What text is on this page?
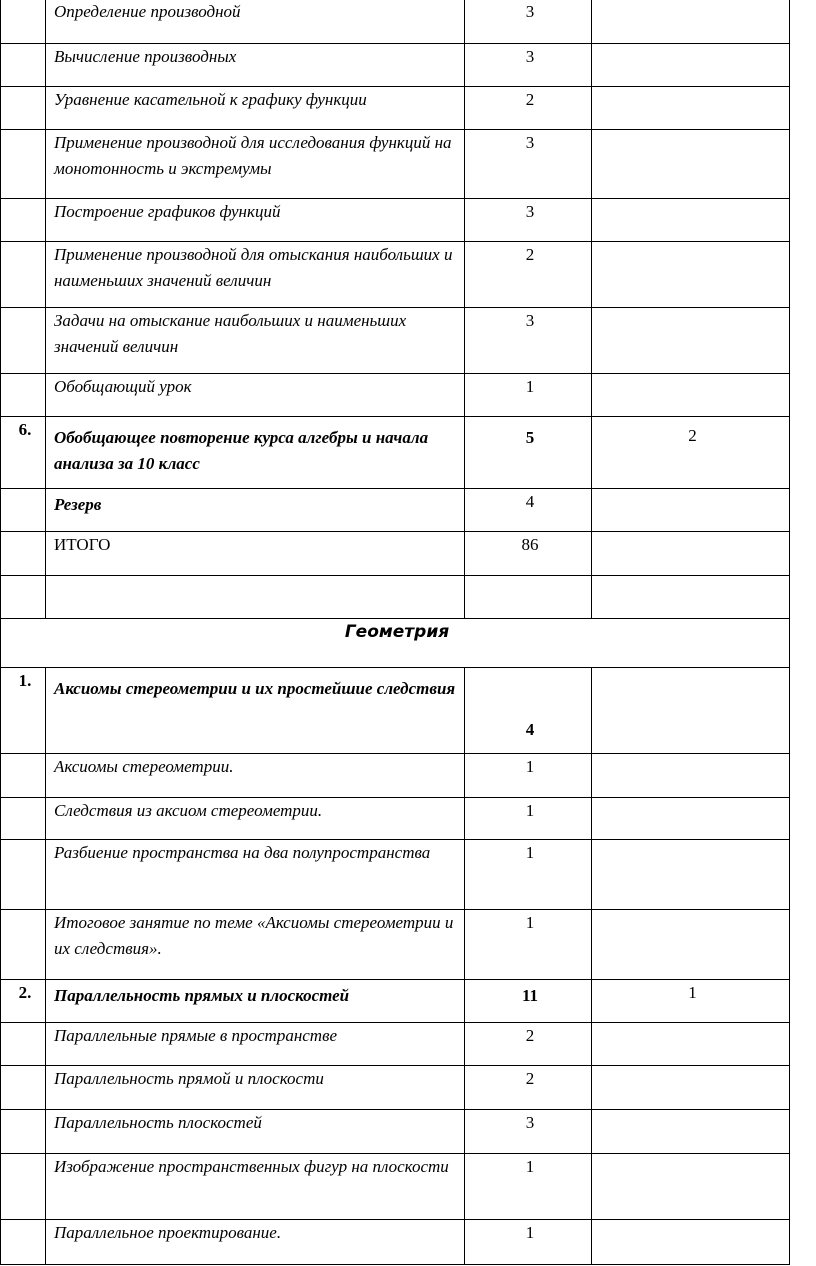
	Определение производной	3	
	Вычисление производных	3	
	Уравнение касательной к графику функции	2	
	Применение производной для исследования функций на монотонность и экстремумы	3	
	Построение графиков функций	3	
	Применение производной для отыскания наибольших и наименьших значений величин	2	
	Задачи на отыскание наибольших и наименьших значений величин	3	
	Обобщающий урок	1	
6.	Обобщающее повторение курса алгебры и начала анализа за 10 класс	5	2
	Резерв	4	
	ИТОГО	86	

Геометрия			
1.	Аксиомы стереометрии и их простейшие следствия	4	
	Аксиомы стереометрии.	1	
	Следствия из аксиом стереометрии.	1	
	Разбиение пространства на два полупространства	1	
	Итоговое занятие по теме «Аксиомы стереометрии и их следствия».	1	
2.	Параллельность прямых и плоскостей	11	1
	Параллельные прямые в пространстве	2	
	Параллельность прямой и плоскости	2	
	Параллельность плоскостей	3	
	Изображение пространственных фигур на плоскости	1	
	Параллельное проектирование.	1	
